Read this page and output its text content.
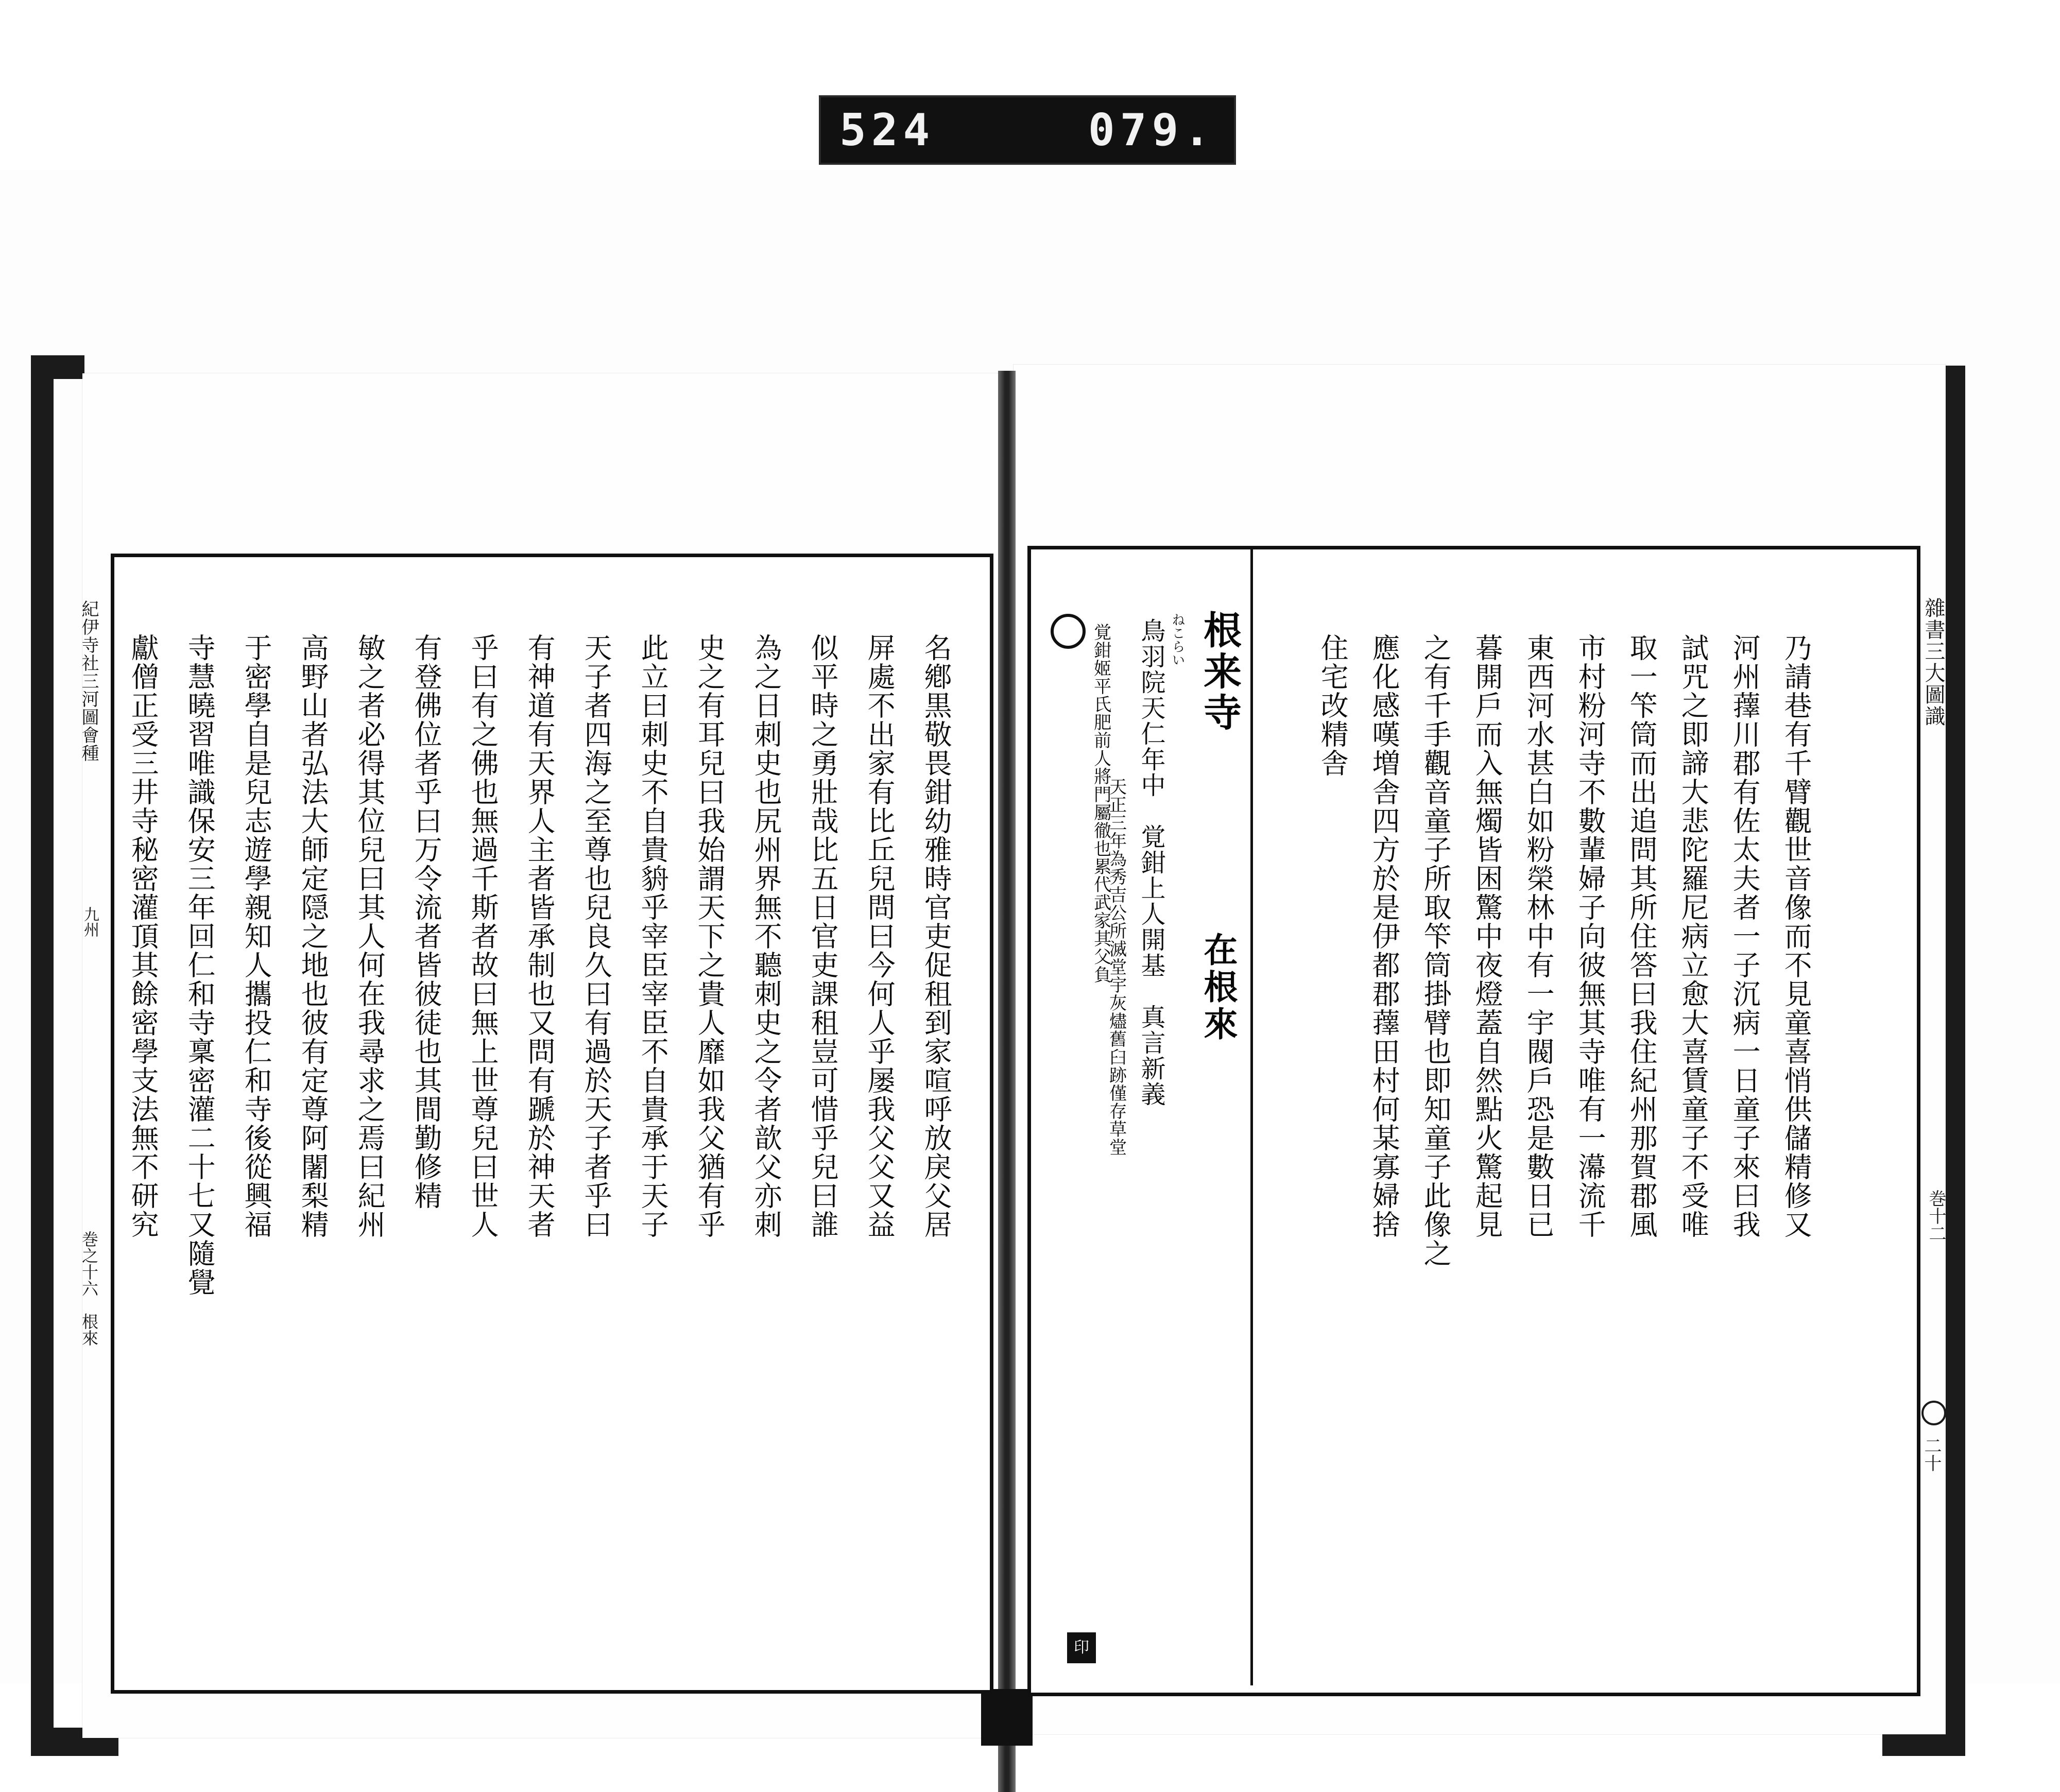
524	079.
ねこらい 根来寺
在根來
覚鉗姬平氏肥前人將門屬徹也累代武家其父負 鳥羽院天仁年中　覚鉗上人開基　真言新義
天正三年為秀吉公所滅堂宇灰燼舊臼跡僅存草堂
住宅改精舎 應化感嘆増舎四方於是伊都郡蘀田村何某寡婦捨 之有千手觀音童子所取笇筒掛臂也即知童子此像之 暮開戶而入無燭皆困驚中夜燈蓋自然點火驚起見 東西河水甚白如粉榮林中有一宇閥戶恐是數日已 市村粉河寺不數輩婦子向彼無其寺唯有一濗流千 取一笇筒而出追問其所住答曰我住紀州那賀郡風 試咒之即諦大悲陀羅尼病立愈大喜賃童子不受唯 河州蘀川郡有佐太夫者一子沉病一日童子來曰我 乃請巷有千臂觀世音像而不見童喜悄供儲精修又
印
雜書三大圖識
巻十二
二十
名鄕黒敬畏鉗幼雅時官吏促租到家喧呼放戾父居
屏處不出家有比丘兒問曰今何人乎屡我父父又益
似平時之勇壯哉比五日官吏課租豈可惜乎兒曰誰
為之日刺史也尻州界無不聽刺史之令者歆父亦刺
史之有耳兒曰我始謂天下之貴人靡如我父猶有乎
此立曰刺史不自貴貈乎宰臣宰臣不自貴承于天子
天子者四海之至尊也兒良久曰有過於天子者乎曰
有神道有天界人主者皆承制也又問有蹏於神天者
乎曰有之佛也無過千斯者故曰無上世尊兒曰世人
有登佛位者乎曰万令流者皆彼徒也其間勤修精
敏之者必得其位兒曰其人何在我尋求之焉曰紀州
高野山者弘法大師定隠之地也彼有定尊阿闍梨精
于密學自是兒志遊學親知人攜投仁和寺後從興福
寺慧曉習唯識保安三年回仁和寺稟密灌二十七又隨覺
獻僧正受三井寺秘密灌頂其餘密學支法無不研究
紀伊寺社三河圖會種
九州
巻之十六　根來
